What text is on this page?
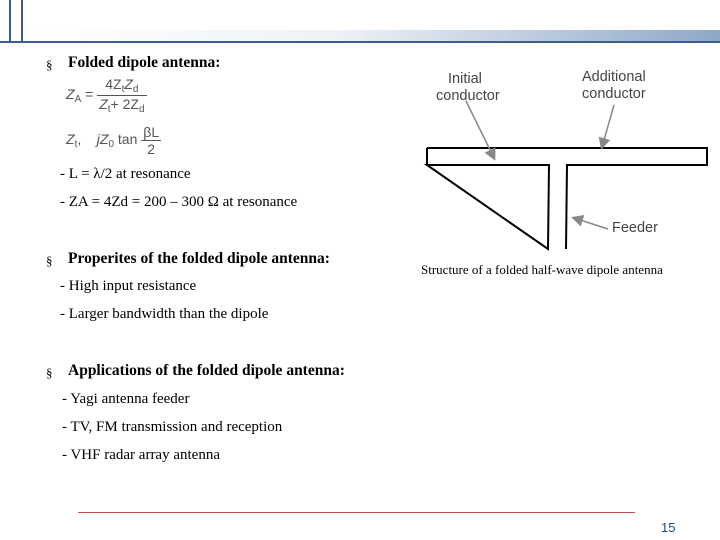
§ Folded dipole antenna:
$Z_A = \frac{4Z_tZ_d}{Z_t+ 2Z_d}$
$Z_t$, $jZ_0$ $\tan \frac{\beta L}{2}$
- L = λ/2 at resonance
- ZA = 4Zd = 200 – 300 Ω at resonance
§ Properites of the folded dipole antenna:
- High input resistance
- Larger bandwidth than the dipole
§ Applications of the folded dipole antenna:
- Yagi antenna feeder
- TV, FM transmission and reception
- VHF radar array antenna
Initial
conductor
Additional
conductor
Feeder
Structure of a folded half-wave dipole antenna
15
